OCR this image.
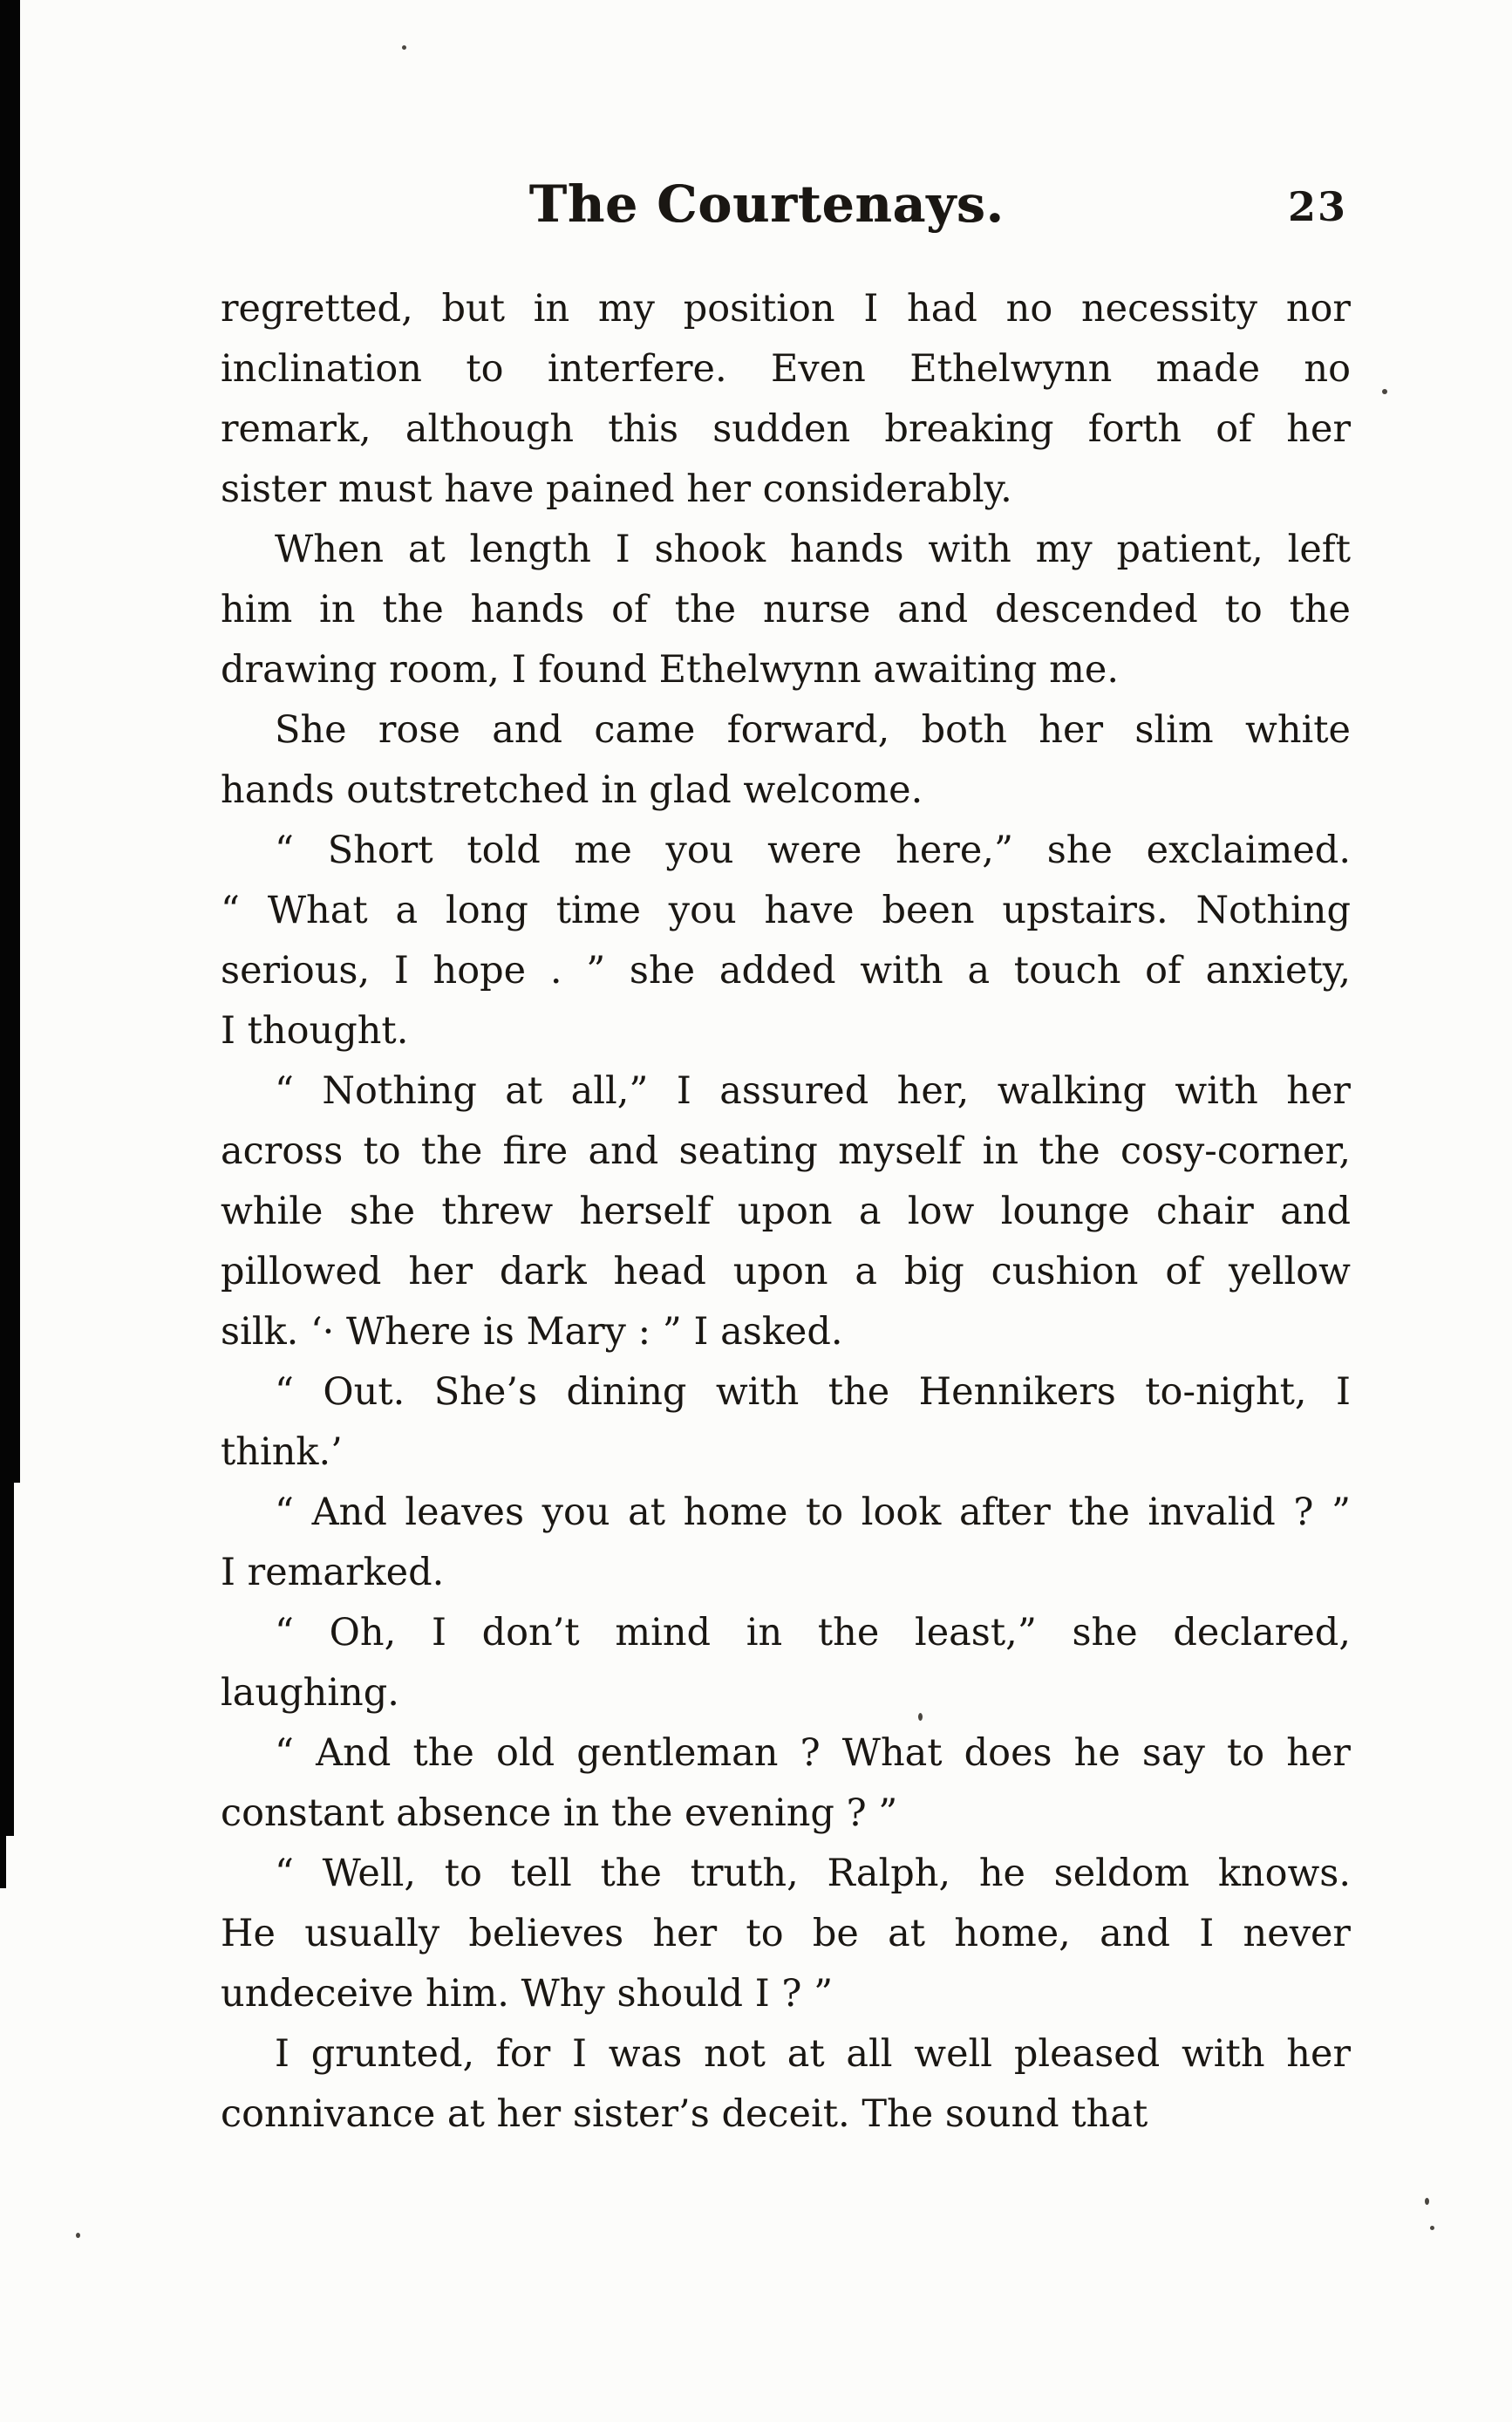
The Courtenays.	23

regretted, but in my position I had no necessity nor
inclination to interfere. Even Ethelwynn made no
remark, although this sudden breaking forth of her
sister must have pained her considerably.

When at length I shook hands with my patient, left
him in the hands of the nurse and descended to the
drawing room, I found Ethelwynn awaiting me.

She rose and came forward, both her slim white
hands outstretched in glad welcome.

“ Short told me you were here,” she exclaimed.
“ What a long time you have been upstairs. Nothing
serious, I hope . ” she added with a touch of anxiety,
I thought.

“ Nothing at all,” I assured her, walking with her
across to the fire and seating myself in the cosy-corner,
while she threw herself upon a low lounge chair and
pillowed her dark head upon a big cushion of yellow
silk. ‘· Where is Mary : ” I asked.

“ Out. She’s dining with the Hennikers to-night, I
think.’

“ And leaves you at home to look after the invalid ? ”
I remarked.

“ Oh, I don’t mind in the least,” she declared,
laughing.

“ And the old gentleman ? What does he say to her
constant absence in the evening ? ”

“ Well, to tell the truth, Ralph, he seldom knows.
He usually believes her to be at home, and I never
undeceive him. Why should I ? ”

I grunted, for I was not at all well pleased with her
connivance at her sister’s deceit. The sound that
